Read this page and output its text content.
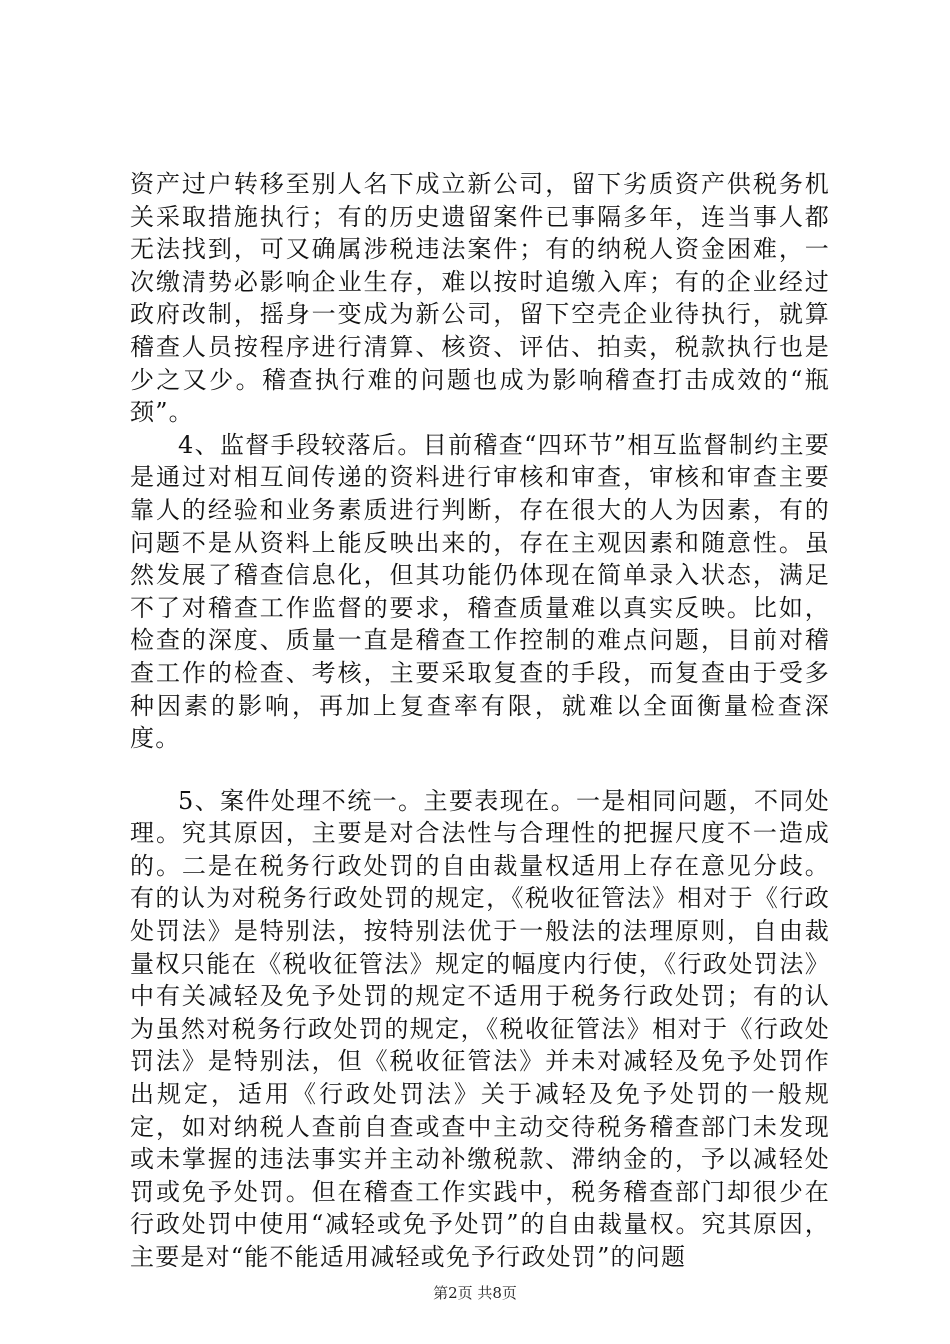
资产过户转移至别人名下成立新公司，留下劣质资产供税务机关采取措施执行；有的历史遗留案件已事隔多年，连当事人都无法找到，可又确属涉税违法案件；有的纳税人资金困难，一次缴清势必影响企业生存，难以按时追缴入库；有的企业经过政府改制，摇身一变成为新公司，留下空壳企业待执行，就算稽查人员按程序进行清算、核资、评估、拍卖，税款执行也是少之又少。稽查执行难的问题也成为影响稽查打击成效的“瓶颈”。

4、监督手段较落后。目前稽查“四环节”相互监督制约主要是通过对相互间传递的资料进行审核和审查，审核和审查主要靠人的经验和业务素质进行判断，存在很大的人为因素，有的问题不是从资料上能反映出来的，存在主观因素和随意性。虽然发展了稽查信息化，但其功能仍体现在简单录入状态，满足不了对稽查工作监督的要求，稽查质量难以真实反映。比如，检查的深度、质量一直是稽查工作控制的难点问题，目前对稽查工作的检查、考核，主要采取复查的手段，而复查由于受多种因素的影响，再加上复查率有限，就难以全面衡量检查深度。

5、案件处理不统一。主要表现在。一是相同问题，不同处理。究其原因，主要是对合法性与合理性的把握尺度不一造成的。二是在税务行政处罚的自由裁量权适用上存在意见分歧。有的认为对税务行政处罚的规定，《税收征管法》相对于《行政处罚法》是特别法，按特别法优于一般法的法理原则，自由裁量权只能在《税收征管法》规定的幅度内行使，《行政处罚法》中有关减轻及免予处罚的规定不适用于税务行政处罚；有的认为虽然对税务行政处罚的规定，《税收征管法》相对于《行政处罚法》是特别法，但《税收征管法》并未对减轻及免予处罚作出规定，适用《行政处罚法》关于减轻及免予处罚的一般规定，如对纳税人查前自查或查中主动交待税务稽查部门未发现或未掌握的违法事实并主动补缴税款、滞纳金的，予以减轻处罚或免予处罚。但在稽查工作实践中，税务稽查部门却很少在行政处罚中使用“减轻或免予处罚”的自由裁量权。究其原因，主要是对“能不能适用减轻或免予行政处罚”的问题

第2页 共8页
